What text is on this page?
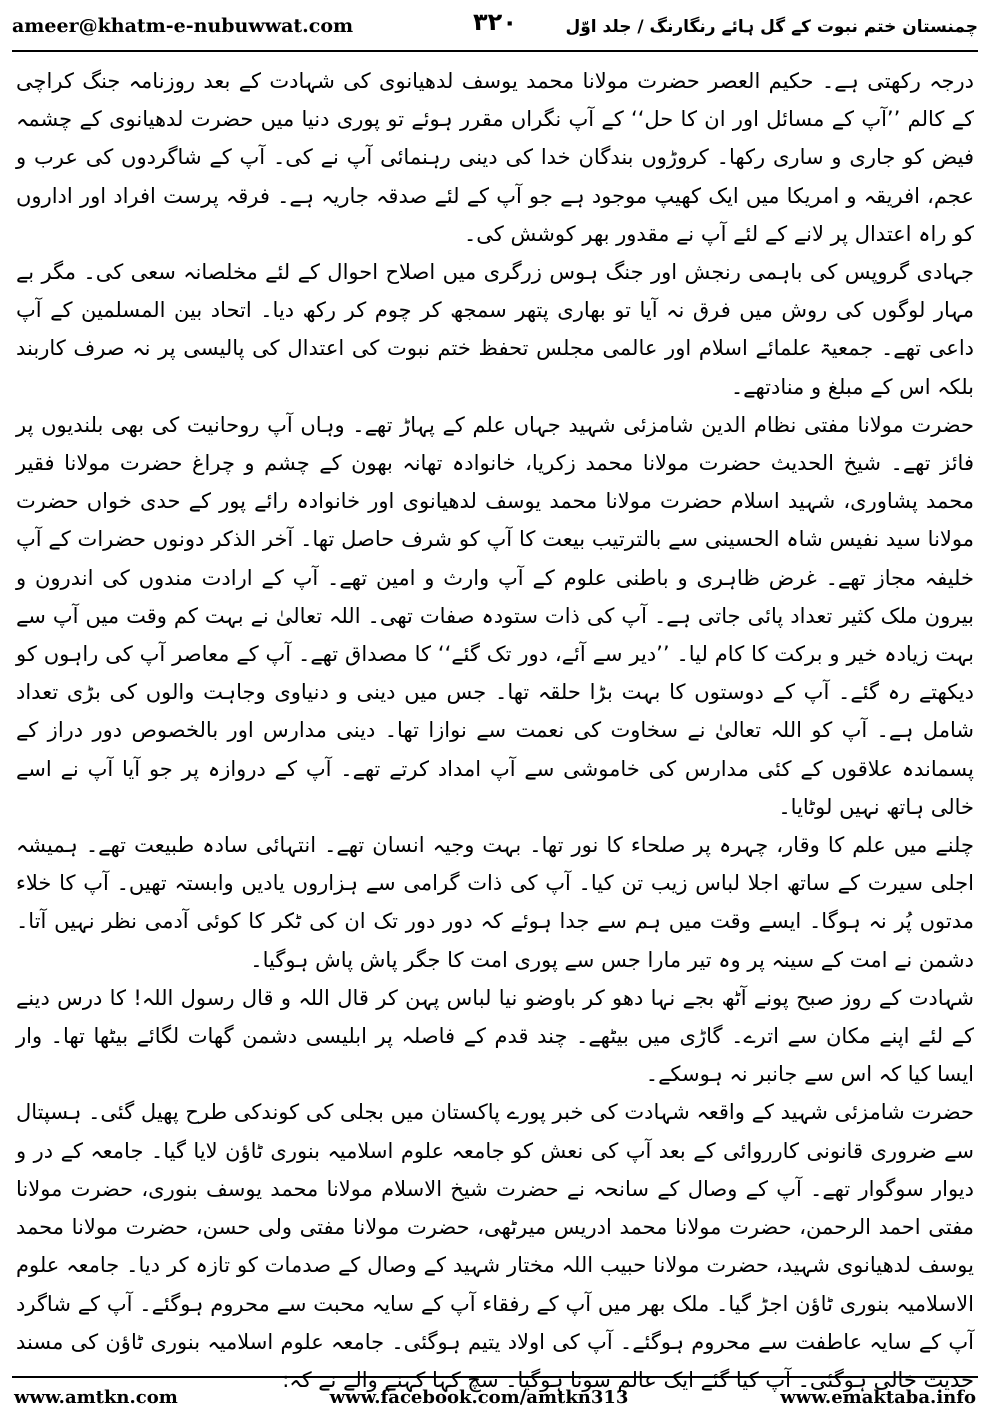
ameer@khatm-e-nubuwwat.com	۳۲۰	چمنستان ختم نبوت کے گل ہائے رنگارنگ / جلد اوّل

درجہ رکھتی ہے۔ حکیم العصر حضرت مولانا محمد یوسف لدھیانوی کی شہادت کے بعد روزنامہ جنگ کراچی کے کالم ’’آپ کے مسائل اور ان کا حل‘‘ کے آپ نگراں مقرر ہوئے تو پوری دنیا میں حضرت لدھیانوی کے چشمہ فیض کو جاری و ساری رکھا۔ کروڑوں بندگان خدا کی دینی رہنمائی آپ نے کی۔ آپ کے شاگردوں کی عرب و عجم، افریقہ و امریکا میں ایک کھیپ موجود ہے جو آپ کے لئے صدقہ جاریہ ہے۔ فرقہ پرست افراد اور اداروں کو راہ اعتدال پر لانے کے لئے آپ نے مقدور بھر کوشش کی۔

جہادی گروپس کی باہمی رنجش اور جنگ ہوس زرگری میں اصلاح احوال کے لئے مخلصانہ سعی کی۔ مگر بے مہار لوگوں کی روش میں فرق نہ آیا تو بھاری پتھر سمجھ کر چوم کر رکھ دیا۔ اتحاد بین المسلمین کے آپ داعی تھے۔ جمعیۃ علمائے اسلام اور عالمی مجلس تحفظ ختم نبوت کی اعتدال کی پالیسی پر نہ صرف کاربند بلکہ اس کے مبلغ و منادتھے۔

حضرت مولانا مفتی نظام الدین شامزئی شہید جہاں علم کے پہاڑ تھے۔ وہاں آپ روحانیت کی بھی بلندیوں پر فائز تھے۔ شیخ الحدیث حضرت مولانا محمد زکریا، خانوادہ تھانہ بھون کے چشم و چراغ حضرت مولانا فقیر محمد پشاوری، شہید اسلام حضرت مولانا محمد یوسف لدھیانوی اور خانوادہ رائے پور کے حدی خواں حضرت مولانا سید نفیس شاہ الحسینی سے بالترتیب بیعت کا آپ کو شرف حاصل تھا۔ آخر الذکر دونوں حضرات کے آپ خلیفہ مجاز تھے۔ غرض ظاہری و باطنی علوم کے آپ وارث و امین تھے۔ آپ کے ارادت مندوں کی اندرون و بیرون ملک کثیر تعداد پائی جاتی ہے۔ آپ کی ذات ستودہ صفات تھی۔ اللہ تعالیٰ نے بہت کم وقت میں آپ سے بہت زیادہ خیر و برکت کا کام لیا۔ ’’دیر سے آئے، دور تک گئے‘‘ کا مصداق تھے۔ آپ کے معاصر آپ کی راہوں کو دیکھتے رہ گئے۔ آپ کے دوستوں کا بہت بڑا حلقہ تھا۔ جس میں دینی و دنیاوی وجاہت والوں کی بڑی تعداد شامل ہے۔ آپ کو اللہ تعالیٰ نے سخاوت کی نعمت سے نوازا تھا۔ دینی مدارس اور بالخصوص دور دراز کے پسماندہ علاقوں کے کئی مدارس کی خاموشی سے آپ امداد کرتے تھے۔ آپ کے دروازہ پر جو آیا آپ نے اسے خالی ہاتھ نہیں لوٹایا۔

چلنے میں علم کا وقار، چہرہ پر صلحاء کا نور تھا۔ بہت وجیہ انسان تھے۔ انتہائی سادہ طبیعت تھے۔ ہمیشہ اجلی سیرت کے ساتھ اجلا لباس زیب تن کیا۔ آپ کی ذات گرامی سے ہزاروں یادیں وابستہ تھیں۔ آپ کا خلاء مدتوں پُر نہ ہوگا۔ ایسے وقت میں ہم سے جدا ہوئے کہ دور دور تک ان کی ٹکر کا کوئی آدمی نظر نہیں آتا۔ دشمن نے امت کے سینہ پر وہ تیر مارا جس سے پوری امت کا جگر پاش پاش ہوگیا۔

شہادت کے روز صبح پونے آٹھ بجے نہا دھو کر باوضو نیا لباس پہن کر قال اللہ و قال رسول اللہ! کا درس دینے کے لئے اپنے مکان سے اترے۔ گاڑی میں بیٹھے۔ چند قدم کے فاصلہ پر ابلیسی دشمن گھات لگائے بیٹھا تھا۔ وار ایسا کیا کہ اس سے جانبر نہ ہوسکے۔

حضرت شامزئی شہید کے واقعہ شہادت کی خبر پورے پاکستان میں بجلی کی کوندکی طرح پھیل گئی۔ ہسپتال سے ضروری قانونی کارروائی کے بعد آپ کی نعش کو جامعہ علوم اسلامیہ بنوری ٹاؤن لایا گیا۔ جامعہ کے در و دیوار سوگوار تھے۔ آپ کے وصال کے سانحہ نے حضرت شیخ الاسلام مولانا محمد یوسف بنوری، حضرت مولانا مفتی احمد الرحمن، حضرت مولانا محمد ادریس میرٹھی، حضرت مولانا مفتی ولی حسن، حضرت مولانا محمد یوسف لدھیانوی شہید، حضرت مولانا حبیب اللہ مختار شہید کے وصال کے صدمات کو تازہ کر دیا۔ جامعہ علوم الاسلامیہ بنوری ٹاؤن اجڑ گیا۔ ملک بھر میں آپ کے رفقاء آپ کے سایہ محبت سے محروم ہوگئے۔ آپ کے شاگرد آپ کے سایہ عاطفت سے محروم ہوگئے۔ آپ کی اولاد یتیم ہوگئی۔ جامعہ علوم اسلامیہ بنوری ٹاؤن کی مسند حدیث خالی ہوگئی۔ آپ کیا گئے ایک عالم سونا ہوگیا۔ سچ کہا کہنے والے نے کہ:

www.amtkn.com	www.facebook.com/amtkn313	www.emaktaba.info
